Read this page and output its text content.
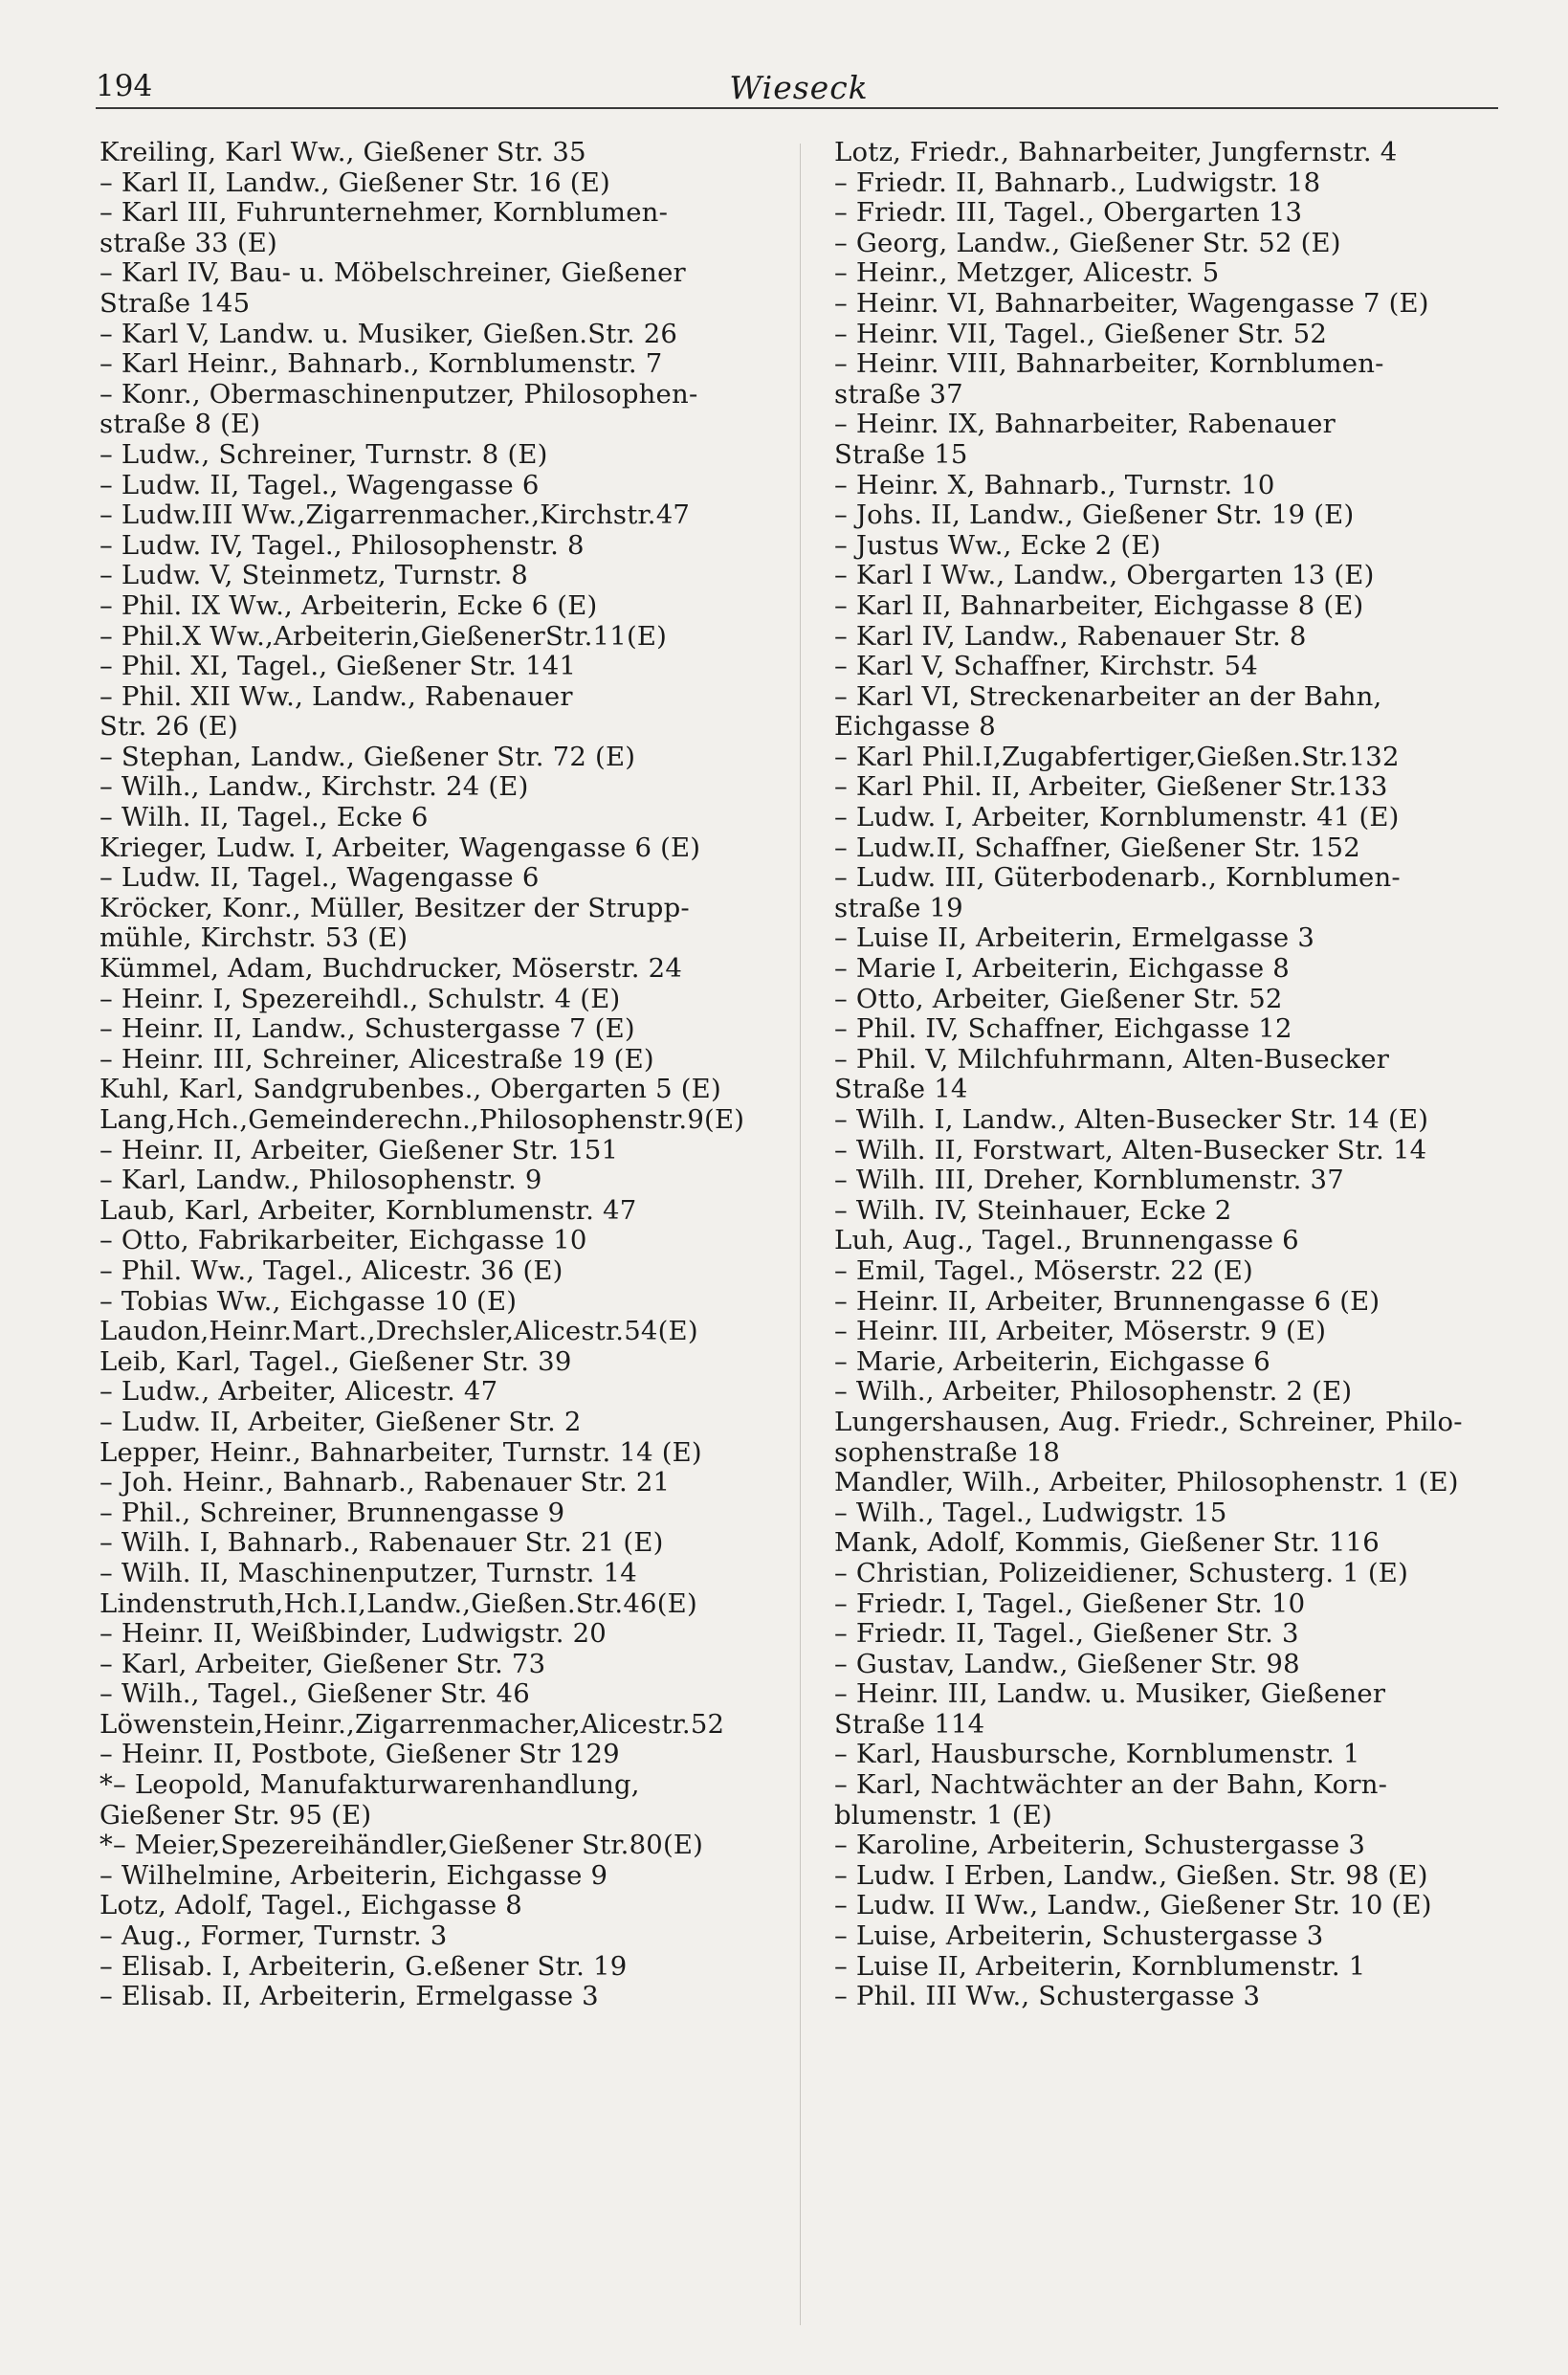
194	Wieseck
Kreiling, Karl Ww., Gießener Str. 35
– Karl II, Landw., Gießener Str. 16 (E)
– Karl III, Fuhrunternehmer, Kornblumen-
straße 33 (E)
– Karl IV, Bau- u. Möbelschreiner, Gießener
Straße 145
– Karl V, Landw. u. Musiker, Gießen.Str. 26
– Karl Heinr., Bahnarb., Kornblumenstr. 7
– Konr., Obermaschinenputzer, Philosophen-
straße 8 (E)
– Ludw., Schreiner, Turnstr. 8 (E)
– Ludw. II, Tagel., Wagengasse 6
– Ludw.III Ww.,Zigarrenmacher.,Kirchstr.47
– Ludw. IV, Tagel., Philosophenstr. 8
– Ludw. V, Steinmetz, Turnstr. 8
– Phil. IX Ww., Arbeiterin, Ecke 6 (E)
– Phil.X Ww.,Arbeiterin,GießenerStr.11(E)
– Phil. XI, Tagel., Gießener Str. 141
– Phil. XII Ww., Landw., Rabenauer
Str. 26 (E)
– Stephan, Landw., Gießener Str. 72 (E)
– Wilh., Landw., Kirchstr. 24 (E)
– Wilh. II, Tagel., Ecke 6
Krieger, Ludw. I, Arbeiter, Wagengasse 6 (E)
– Ludw. II, Tagel., Wagengasse 6
Kröcker, Konr., Müller, Besitzer der Strupp-
mühle, Kirchstr. 53 (E)
Kümmel, Adam, Buchdrucker, Möserstr. 24
– Heinr. I, Spezereihdl., Schulstr. 4 (E)
– Heinr. II, Landw., Schustergasse 7 (E)
– Heinr. III, Schreiner, Alicestraße 19 (E)
Kuhl, Karl, Sandgrubenbes., Obergarten 5 (E)
Lang,Hch.,Gemeinderechn.,Philosophenstr.9(E)
– Heinr. II, Arbeiter, Gießener Str. 151
– Karl, Landw., Philosophenstr. 9
Laub, Karl, Arbeiter, Kornblumenstr. 47
– Otto, Fabrikarbeiter, Eichgasse 10
– Phil. Ww., Tagel., Alicestr. 36 (E)
– Tobias Ww., Eichgasse 10 (E)
Laudon,Heinr.Mart.,Drechsler,Alicestr.54(E)
Leib, Karl, Tagel., Gießener Str. 39
– Ludw., Arbeiter, Alicestr. 47
– Ludw. II, Arbeiter, Gießener Str. 2
Lepper, Heinr., Bahnarbeiter, Turnstr. 14 (E)
– Joh. Heinr., Bahnarb., Rabenauer Str. 21
– Phil., Schreiner, Brunnengasse 9
– Wilh. I, Bahnarb., Rabenauer Str. 21 (E)
– Wilh. II, Maschinenputzer, Turnstr. 14
Lindenstruth,Hch.I,Landw.,Gießen.Str.46(E)
– Heinr. II, Weißbinder, Ludwigstr. 20
– Karl, Arbeiter, Gießener Str. 73
– Wilh., Tagel., Gießener Str. 46
Löwenstein,Heinr.,Zigarrenmacher,Alicestr.52
– Heinr. II, Postbote, Gießener Str 129
*– Leopold, Manufakturwarenhandlung,
Gießener Str. 95 (E)
*– Meier,Spezereihändler,Gießener Str.80(E)
– Wilhelmine, Arbeiterin, Eichgasse 9
Lotz, Adolf, Tagel., Eichgasse 8
– Aug., Former, Turnstr. 3
– Elisab. I, Arbeiterin, G.eßener Str. 19
– Elisab. II, Arbeiterin, Ermelgasse 3
Lotz, Friedr., Bahnarbeiter, Jungfernstr. 4
– Friedr. II, Bahnarb., Ludwigstr. 18
– Friedr. III, Tagel., Obergarten 13
– Georg, Landw., Gießener Str. 52 (E)
– Heinr., Metzger, Alicestr. 5
– Heinr. VI, Bahnarbeiter, Wagengasse 7 (E)
– Heinr. VII, Tagel., Gießener Str. 52
– Heinr. VIII, Bahnarbeiter, Kornblumen-
straße 37
– Heinr. IX, Bahnarbeiter, Rabenauer
Straße 15
– Heinr. X, Bahnarb., Turnstr. 10
– Johs. II, Landw., Gießener Str. 19 (E)
– Justus Ww., Ecke 2 (E)
– Karl I Ww., Landw., Obergarten 13 (E)
– Karl II, Bahnarbeiter, Eichgasse 8 (E)
– Karl IV, Landw., Rabenauer Str. 8
– Karl V, Schaffner, Kirchstr. 54
– Karl VI, Streckenarbeiter an der Bahn,
Eichgasse 8
– Karl Phil.I,Zugabfertiger,Gießen.Str.132
– Karl Phil. II, Arbeiter, Gießener Str.133
– Ludw. I, Arbeiter, Kornblumenstr. 41 (E)
– Ludw.II, Schaffner, Gießener Str. 152
– Ludw. III, Güterbodenarb., Kornblumen-
straße 19
– Luise II, Arbeiterin, Ermelgasse 3
– Marie I, Arbeiterin, Eichgasse 8
– Otto, Arbeiter, Gießener Str. 52
– Phil. IV, Schaffner, Eichgasse 12
– Phil. V, Milchfuhrmann, Alten-Busecker
Straße 14
– Wilh. I, Landw., Alten-Busecker Str. 14 (E)
– Wilh. II, Forstwart, Alten-Busecker Str. 14
– Wilh. III, Dreher, Kornblumenstr. 37
– Wilh. IV, Steinhauer, Ecke 2
Luh, Aug., Tagel., Brunnengasse 6
– Emil, Tagel., Möserstr. 22 (E)
– Heinr. II, Arbeiter, Brunnengasse 6 (E)
– Heinr. III, Arbeiter, Möserstr. 9 (E)
– Marie, Arbeiterin, Eichgasse 6
– Wilh., Arbeiter, Philosophenstr. 2 (E)
Lungershausen, Aug. Friedr., Schreiner, Philo-
sophenstraße 18
Mandler, Wilh., Arbeiter, Philosophenstr. 1 (E)
– Wilh., Tagel., Ludwigstr. 15
Mank, Adolf, Kommis, Gießener Str. 116
– Christian, Polizeidiener, Schusterg. 1 (E)
– Friedr. I, Tagel., Gießener Str. 10
– Friedr. II, Tagel., Gießener Str. 3
– Gustav, Landw., Gießener Str. 98
– Heinr. III, Landw. u. Musiker, Gießener
Straße 114
– Karl, Hausbursche, Kornblumenstr. 1
– Karl, Nachtwächter an der Bahn, Korn-
blumenstr. 1 (E)
– Karoline, Arbeiterin, Schustergasse 3
– Ludw. I Erben, Landw., Gießen. Str. 98 (E)
– Ludw. II Ww., Landw., Gießener Str. 10 (E)
– Luise, Arbeiterin, Schustergasse 3
– Luise II, Arbeiterin, Kornblumenstr. 1
– Phil. III Ww., Schustergasse 3
